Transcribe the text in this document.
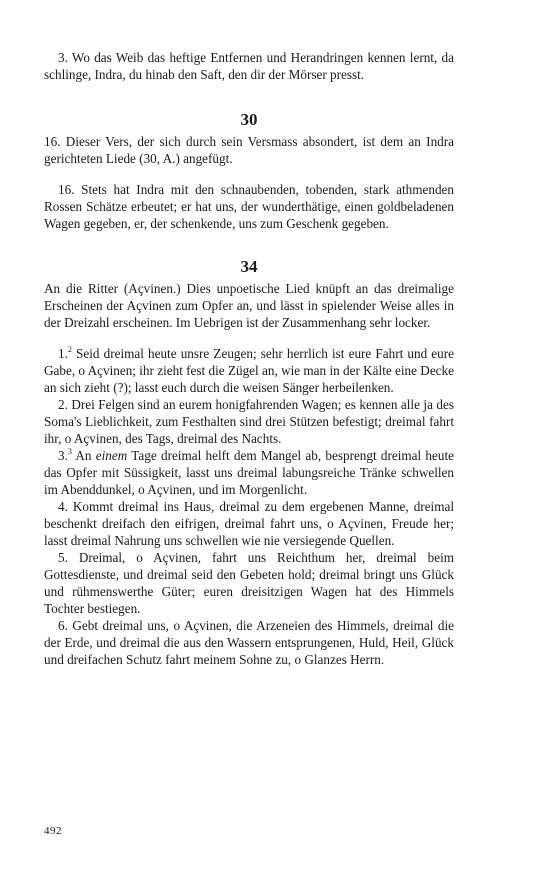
3. Wo das Weib das heftige Entfernen und Herandringen kennen lernt, da schlinge, Indra, du hinab den Saft, den dir der Mörser presst.

30

16. Dieser Vers, der sich durch sein Versmass absondert, ist dem an Indra gerichteten Liede (30, A.) angefügt.

16. Stets hat Indra mit den schnaubenden, tobenden, stark athmenden Rossen Schätze erbeutet; er hat uns, der wunderthätige, einen goldbeladenen Wagen gegeben, er, der schenkende, uns zum Geschenk gegeben.

34

An die Ritter (Açvinen.) Dies unpoetische Lied knüpft an das dreimalige Erscheinen der Açvinen zum Opfer an, und lässt in spielender Weise alles in der Dreizahl erscheinen. Im Uebrigen ist der Zusammenhang sehr locker.

1.$^2$ Seid dreimal heute unsre Zeugen; sehr herrlich ist eure Fahrt und eure Gabe, o Açvinen; ihr zieht fest die Zügel an, wie man in der Kälte eine Decke an sich zieht (?); lasst euch durch die weisen Sänger herbeilenken.

2. Drei Felgen sind an eurem honigfahrenden Wagen; es kennen alle ja des Soma's Lieblichkeit, zum Festhalten sind drei Stützen befestigt; dreimal fahrt ihr, o Açvinen, des Tags, dreimal des Nachts.

3.$^3$ An einem Tage dreimal helft dem Mangel ab, besprengt dreimal heute das Opfer mit Süssigkeit, lasst uns dreimal labungsreiche Tränke schwellen im Abenddunkel, o Açvinen, und im Morgenlicht.

4. Kommt dreimal ins Haus, dreimal zu dem ergebenen Manne, dreimal beschenkt dreifach den eifrigen, dreimal fahrt uns, o Açvinen, Freude her; lasst dreimal Nahrung uns schwellen wie nie versiegende Quellen.

5. Dreimal, o Açvinen, fahrt uns Reichthum her, dreimal beim Gottesdienste, und dreimal seid den Gebeten hold; dreimal bringt uns Glück und rühmenswerthe Güter; euren dreisitzigen Wagen hat des Himmels Tochter bestiegen.

6. Gebt dreimal uns, o Açvinen, die Arzeneien des Himmels, dreimal die der Erde, und dreimal die aus den Wassern entsprungenen, Huld, Heil, Glück und dreifachen Schutz fahrt meinem Sohne zu, o Glanzes Herrn.

492
